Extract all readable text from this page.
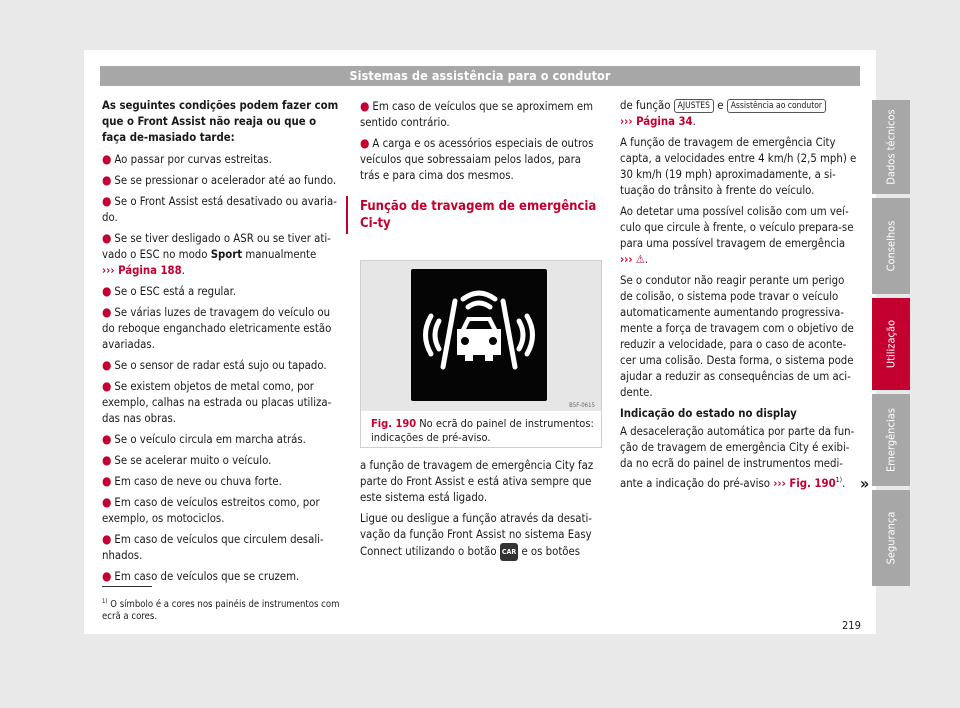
Sistemas de assistência para o condutor

As seguintes condições podem fazer com que o Front Assist não reaja ou que o faça de-masiado tarde:

● Ao passar por curvas estreitas.
● Se se pressionar o acelerador até ao fundo.
● Se o Front Assist está desativado ou avaria-do.
● Se se tiver desligado o ASR ou se tiver ati-vado o ESC no modo Sport manualmente
››› Página 188.
● Se o ESC está a regular.
● Se várias luzes de travagem do veículo ou do reboque enganchado eletricamente estão avariadas.
● Se o sensor de radar está sujo ou tapado.
● Se existem objetos de metal como, por exemplo, calhas na estrada ou placas utiliza-das nas obras.
● Se o veículo circula em marcha atrás.
● Se se acelerar muito o veículo.
● Em caso de neve ou chuva forte.
● Em caso de veículos estreitos como, por exemplo, os motociclos.
● Em caso de veículos que circulem desali-nhados.
● Em caso de veículos que se cruzem.
● Em caso de veículos que se aproximem em sentido contrário.
● A carga e os acessórios especiais de outros veículos que sobressaiam pelos lados, para trás e para cima dos mesmos.
Função de travagem de emergência Ci-ty
B5F-0615
Fig. 190 No ecrã do painel de instrumentos: indicações de pré-aviso.

a função de travagem de emergência City faz parte do Front Assist e está ativa sempre que este sistema está ligado.

Ligue ou desligue a função através da desati-vação da função Front Assist no sistema Easy Connect utilizando o botão CAR e os botões

de função AJUSTES e Assistência ao condutor
››› Página 34.

A função de travagem de emergência City capta, a velocidades entre 4 km/h (2,5 mph) e 30 km/h (19 mph) aproximadamente, a si-tuação do trânsito à frente do veículo.

Ao detetar uma possível colisão com um veí-culo que circule à frente, o veículo prepara-se para uma possível travagem de emergência
››› ⚠.

Se o condutor não reagir perante um perigo de colisão, o sistema pode travar o veículo automaticamente aumentando progressiva-mente a força de travagem com o objetivo de reduzir a velocidade, para o caso de aconte-cer uma colisão. Desta forma, o sistema pode ajudar a reduzir as consequências de um aci-dente.

Indicação do estado no display

A desaceleração automática por parte da fun-ção de travagem de emergência City é exibi-da no ecrã do painel de instrumentos medi-ante a indicação do pré-aviso ››› Fig. 190$^{1)}$. »
Dados técnicos
Conselhos
Utilização
Emergências
Segurança
$^{1)}$ O símbolo é a cores nos painéis de instrumentos com ecrã a cores.
219
